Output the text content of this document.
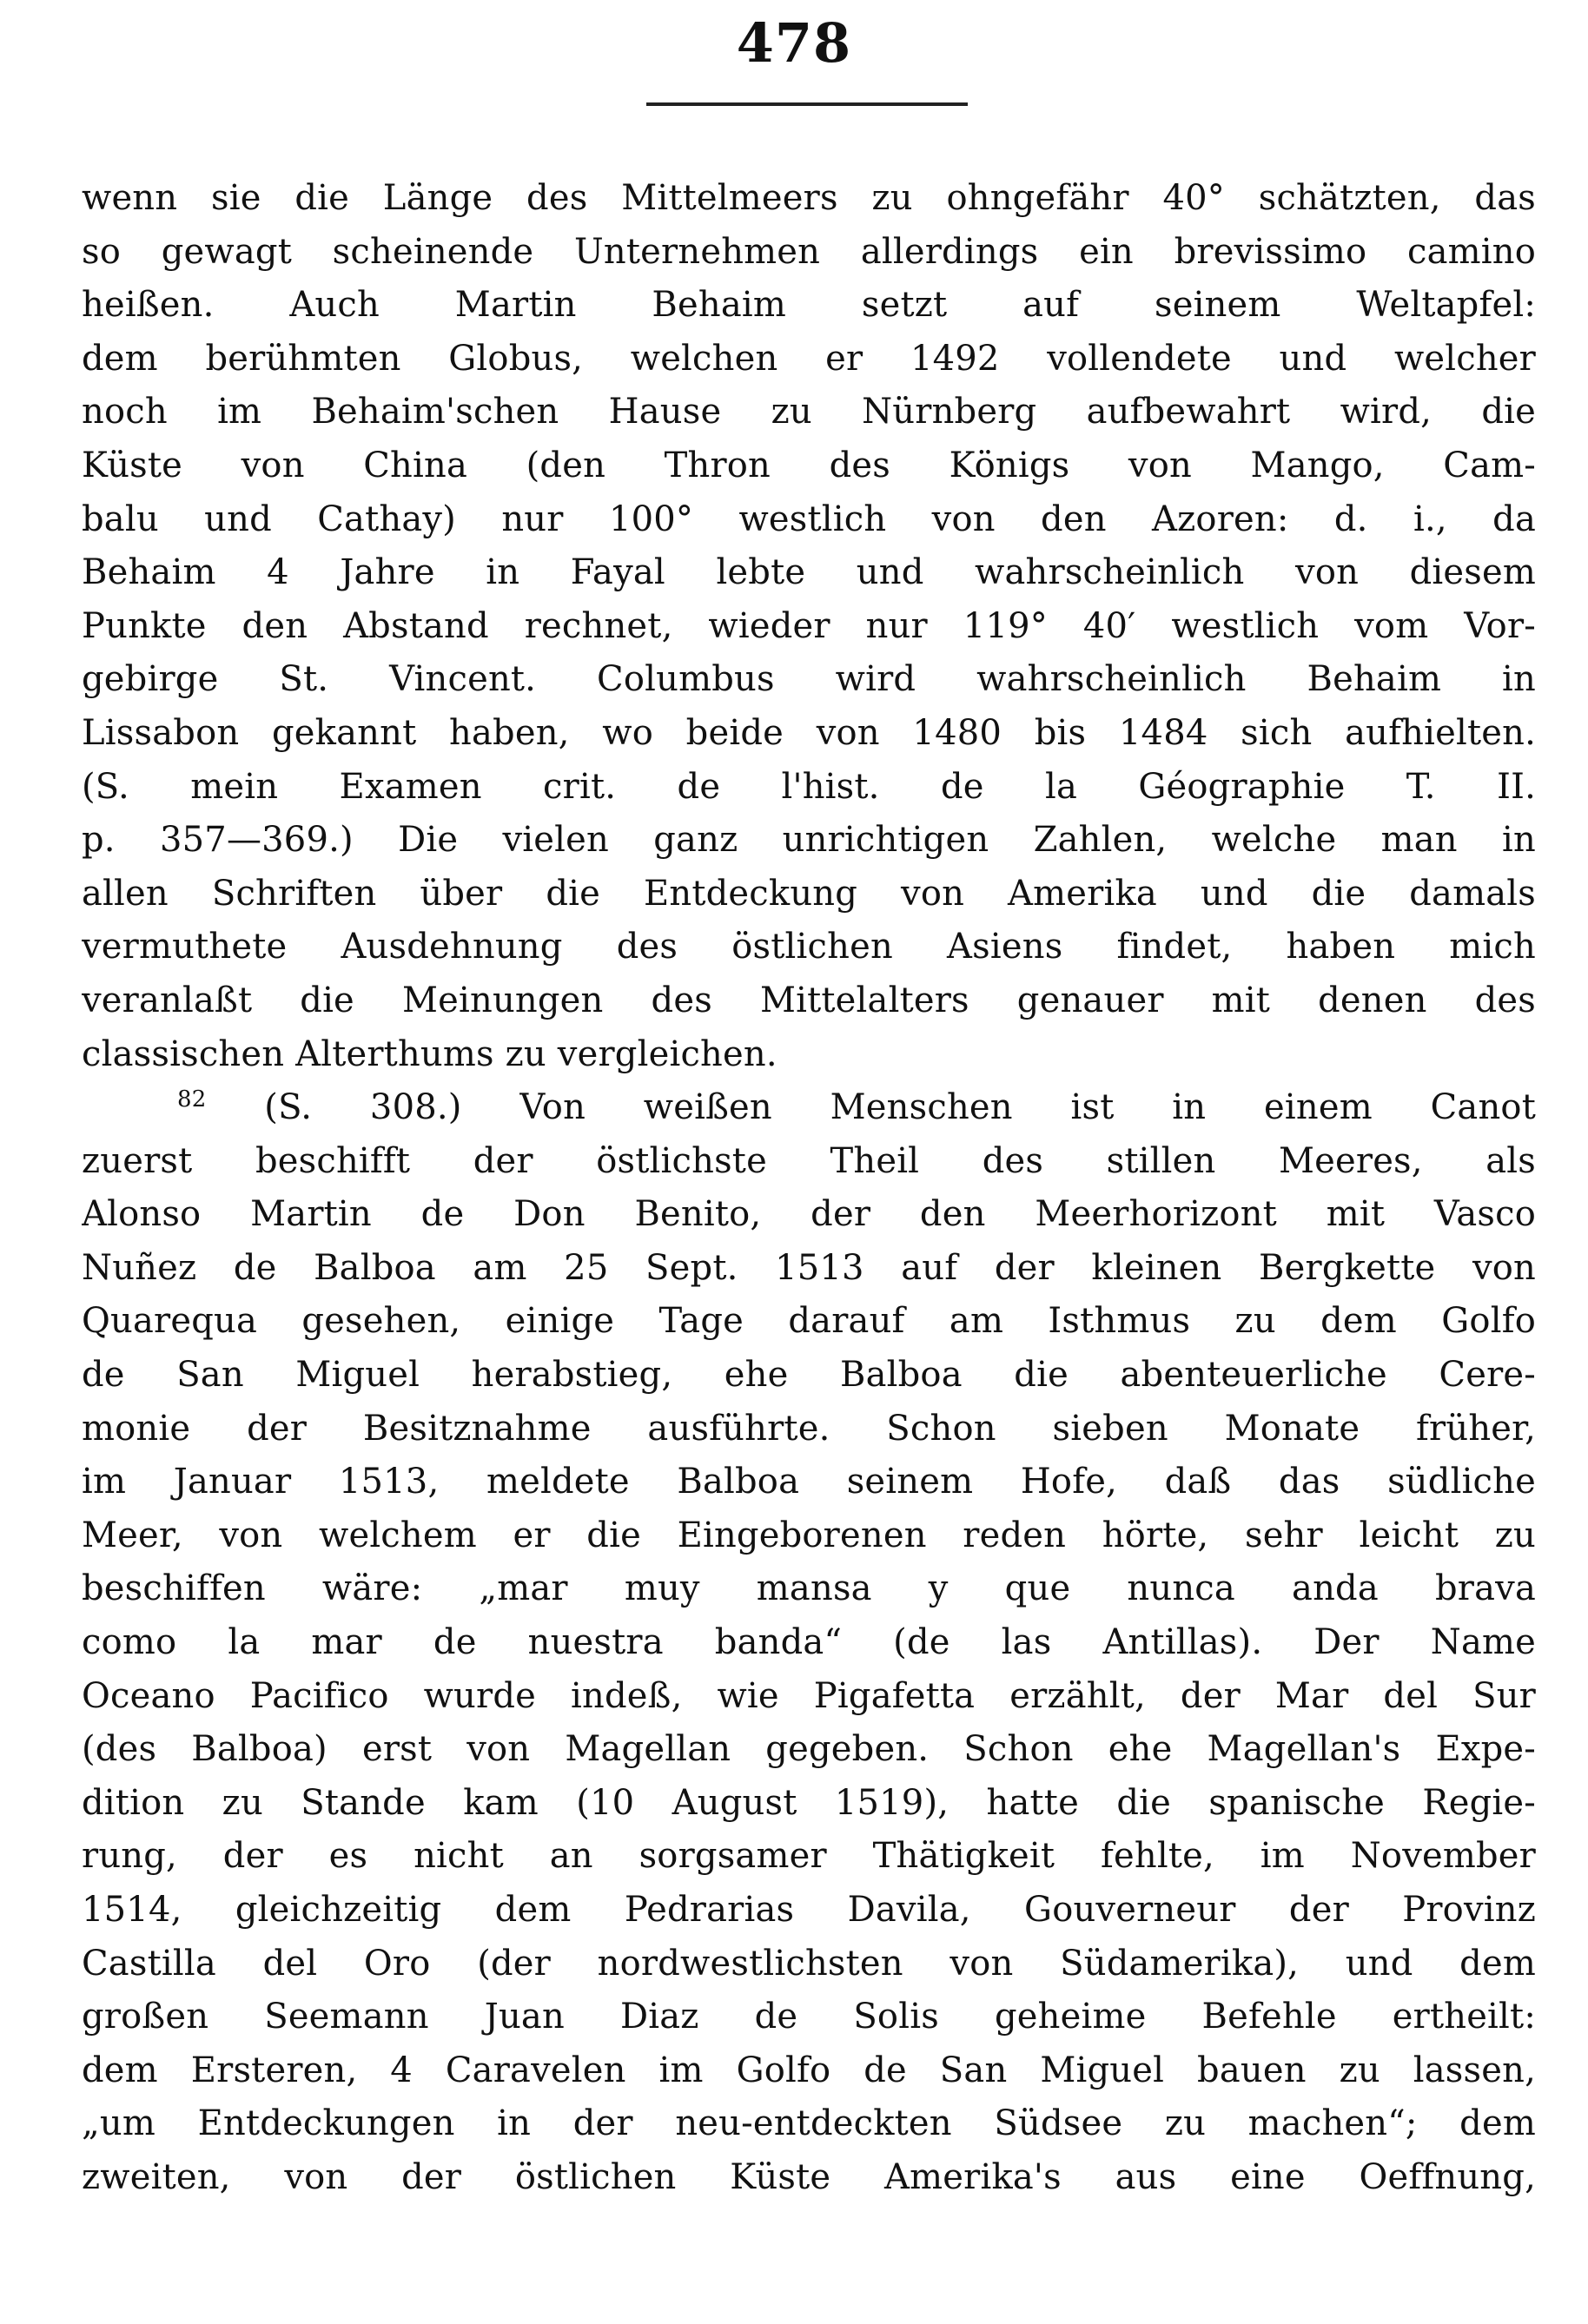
478
wenn sie die Länge des Mittelmeers zu ohngefähr 40° schätzten, das
so gewagt scheinende Unternehmen allerdings ein brevissimo camino
heißen. Auch Martin Behaim setzt auf seinem Weltapfel:
dem berühmten Globus, welchen er 1492 vollendete und welcher
noch im Behaim'schen Hause zu Nürnberg aufbewahrt wird, die
Küste von China (den Thron des Königs von Mango, Cam-
balu und Cathay) nur 100° westlich von den Azoren: d. i., da
Behaim 4 Jahre in Fayal lebte und wahrscheinlich von diesem
Punkte den Abstand rechnet, wieder nur 119° 40′ westlich vom Vor-
gebirge St. Vincent. Columbus wird wahrscheinlich Behaim in
Lissabon gekannt haben, wo beide von 1480 bis 1484 sich aufhielten.
(S. mein Examen crit. de l'hist. de la Géographie T. II.
p. 357—369.) Die vielen ganz unrichtigen Zahlen, welche man in
allen Schriften über die Entdeckung von Amerika und die damals
vermuthete Ausdehnung des östlichen Asiens findet, haben mich
veranlaßt die Meinungen des Mittelalters genauer mit denen des
classischen Alterthums zu vergleichen.
$^{82}$ (S. 308.) Von weißen Menschen ist in einem Canot
zuerst beschifft der östlichste Theil des stillen Meeres, als
Alonso Martin de Don Benito, der den Meerhorizont mit Vasco
Nuñez de Balboa am 25 Sept. 1513 auf der kleinen Bergkette von
Quarequa gesehen, einige Tage darauf am Isthmus zu dem Golfo
de San Miguel herabstieg, ehe Balboa die abenteuerliche Cere-
monie der Besitznahme ausführte. Schon sieben Monate früher,
im Januar 1513, meldete Balboa seinem Hofe, daß das südliche
Meer, von welchem er die Eingeborenen reden hörte, sehr leicht zu
beschiffen wäre: „mar muy mansa y que nunca anda brava
como la mar de nuestra banda“ (de las Antillas). Der Name
Oceano Pacifico wurde indeß, wie Pigafetta erzählt, der Mar del Sur
(des Balboa) erst von Magellan gegeben. Schon ehe Magellan's Expe-
dition zu Stande kam (10 August 1519), hatte die spanische Regie-
rung, der es nicht an sorgsamer Thätigkeit fehlte, im November
1514, gleichzeitig dem Pedrarias Davila, Gouverneur der Provinz
Castilla del Oro (der nordwestlichsten von Südamerika), und dem
großen Seemann Juan Diaz de Solis geheime Befehle ertheilt:
dem Ersteren, 4 Caravelen im Golfo de San Miguel bauen zu lassen,
„um Entdeckungen in der neu-entdeckten Südsee zu machen“; dem
zweiten, von der östlichen Küste Amerika's aus eine Oeffnung,
